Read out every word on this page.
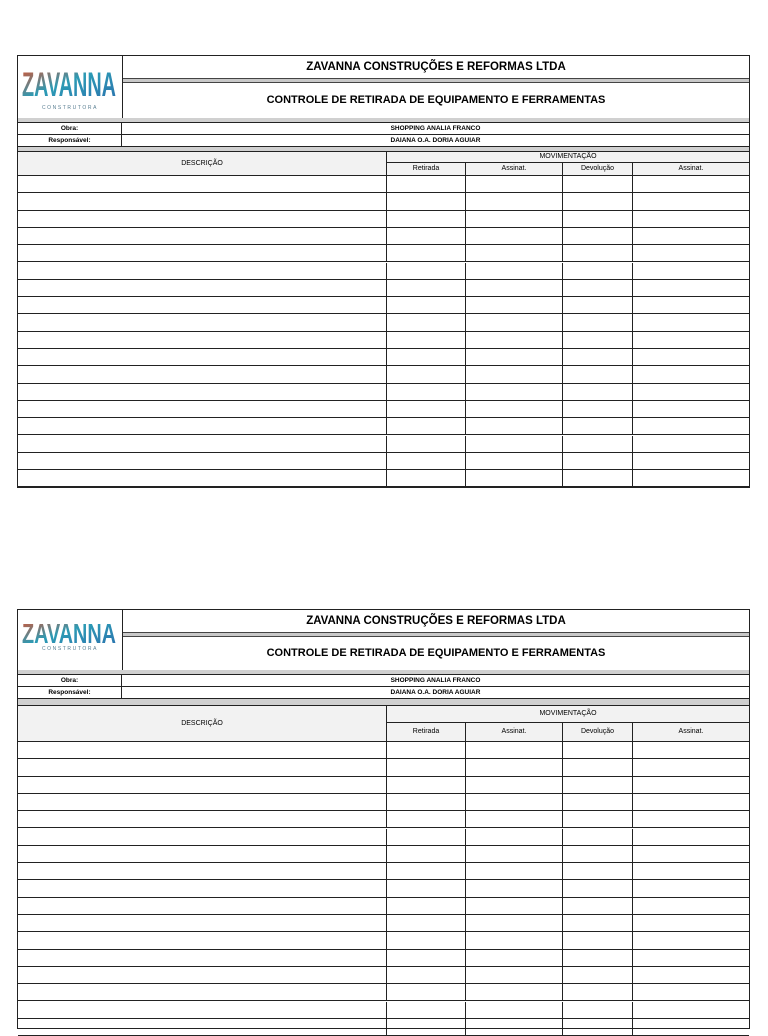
ZAVANNA
CONSTRUTORA
ZAVANNA CONSTRUÇÕES E REFORMAS LTDA
CONTROLE DE RETIRADA DE EQUIPAMENTO E FERRAMENTAS
Obra:	SHOPPING ANALIA FRANCO
Responsável:	DAIANA O.A. DORIA AGUIAR
DESCRIÇÃO
MOVIMENTAÇÃO
Retirada	Assinat.	Devolução	Assinat.
ZAVANNA
CONSTRUTORA
ZAVANNA CONSTRUÇÕES E REFORMAS LTDA
CONTROLE DE RETIRADA DE EQUIPAMENTO E FERRAMENTAS
Obra:	SHOPPING ANALIA FRANCO
Responsável:	DAIANA O.A. DORIA AGUIAR
DESCRIÇÃO
MOVIMENTAÇÃO
Retirada	Assinat.	Devolução	Assinat.
